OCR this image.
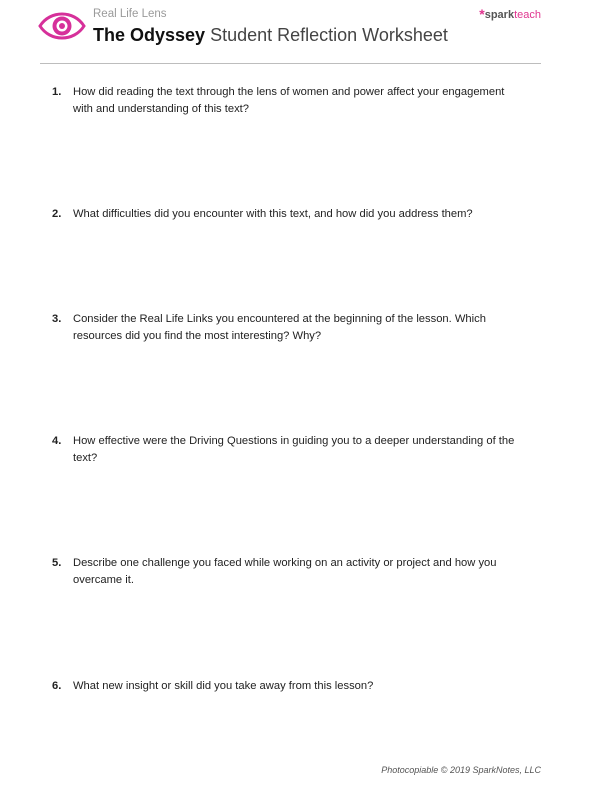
Real Life Lens
The Odyssey Student Reflection Worksheet
*sparkteach
1.	How did reading the text through the lens of women and power affect your engagement with and understanding of this text?
2.	What difficulties did you encounter with this text, and how did you address them?
3.	Consider the Real Life Links you encountered at the beginning of the lesson. Which resources did you find the most interesting? Why?
4.	How effective were the Driving Questions in guiding you to a deeper understanding of the text?
5.	Describe one challenge you faced while working on an activity or project and how you overcame it.
6.	What new insight or skill did you take away from this lesson?
Photocopiable © 2019 SparkNotes, LLC
